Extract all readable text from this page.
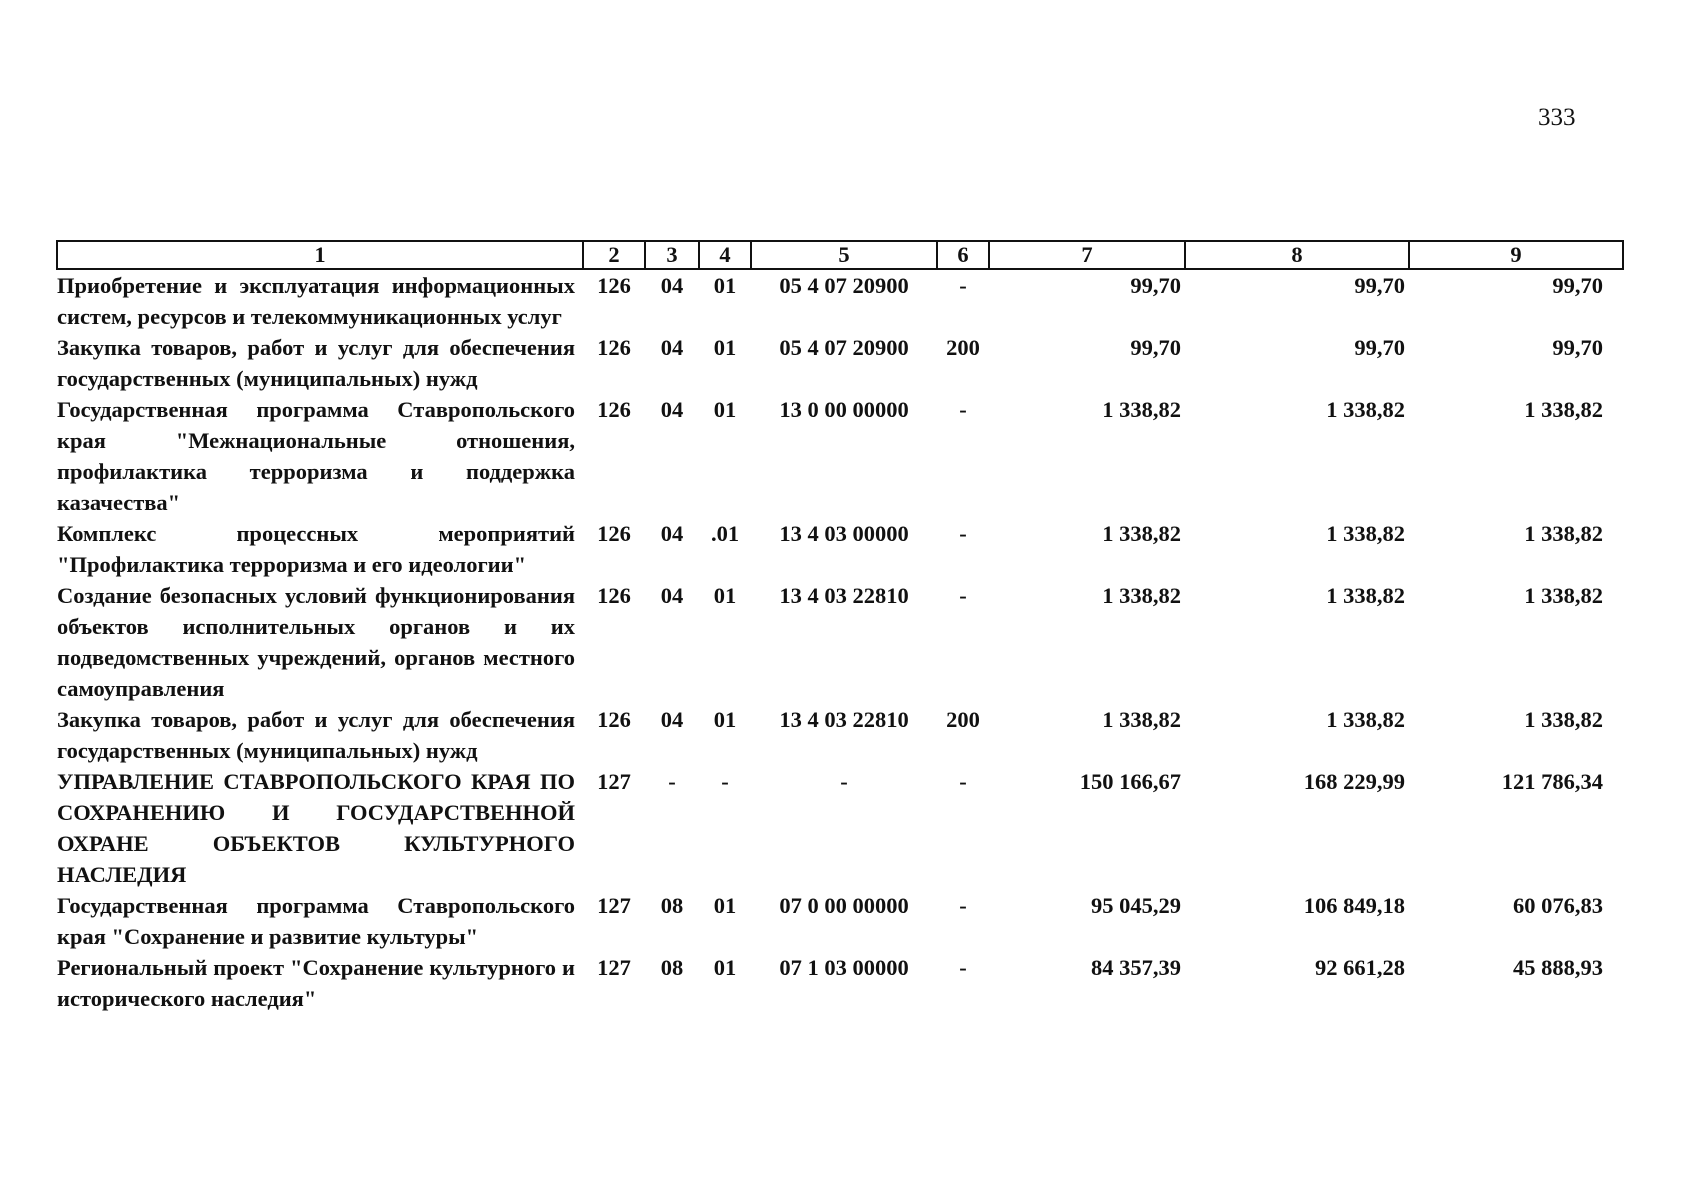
333
1	2	3	4	5	6	7	8	9
Приобретение и эксплуатация информационных систем, ресурсов и телекоммуникационных услуг	126	04	01	05 4 07 20900	-	99,70	99,70	99,70
Закупка товаров, работ и услуг для обеспечения государственных (муниципальных) нужд	126	04	01	05 4 07 20900	200	99,70	99,70	99,70
Государственная программа Ставропольского края "Межнациональные отношения, профилактика терроризма и поддержка казачества"	126	04	01	13 0 00 00000	-	1 338,82	1 338,82	1 338,82
Комплекс процессных мероприятий "Профилактика терроризма и его идеологии"	126	04	.01	13 4 03 00000	-	1 338,82	1 338,82	1 338,82
Создание безопасных условий функционирования объектов исполнительных органов и их подведомственных учреждений, органов местного самоуправления	126	04	01	13 4 03 22810	-	1 338,82	1 338,82	1 338,82
Закупка товаров, работ и услуг для обеспечения государственных (муниципальных) нужд	126	04	01	13 4 03 22810	200	1 338,82	1 338,82	1 338,82
УПРАВЛЕНИЕ СТАВРОПОЛЬСКОГО КРАЯ ПО СОХРАНЕНИЮ И ГОСУДАРСТВЕННОЙ ОХРАНЕ ОБЪЕКТОВ КУЛЬТУРНОГО НАСЛЕДИЯ	127	-	-	-	-	150 166,67	168 229,99	121 786,34
Государственная программа Ставропольского края "Сохранение и развитие культуры"	127	08	01	07 0 00 00000	-	95 045,29	106 849,18	60 076,83
Региональный проект "Сохранение культурного и исторического наследия"	127	08	01	07 1 03 00000	-	84 357,39	92 661,28	45 888,93
